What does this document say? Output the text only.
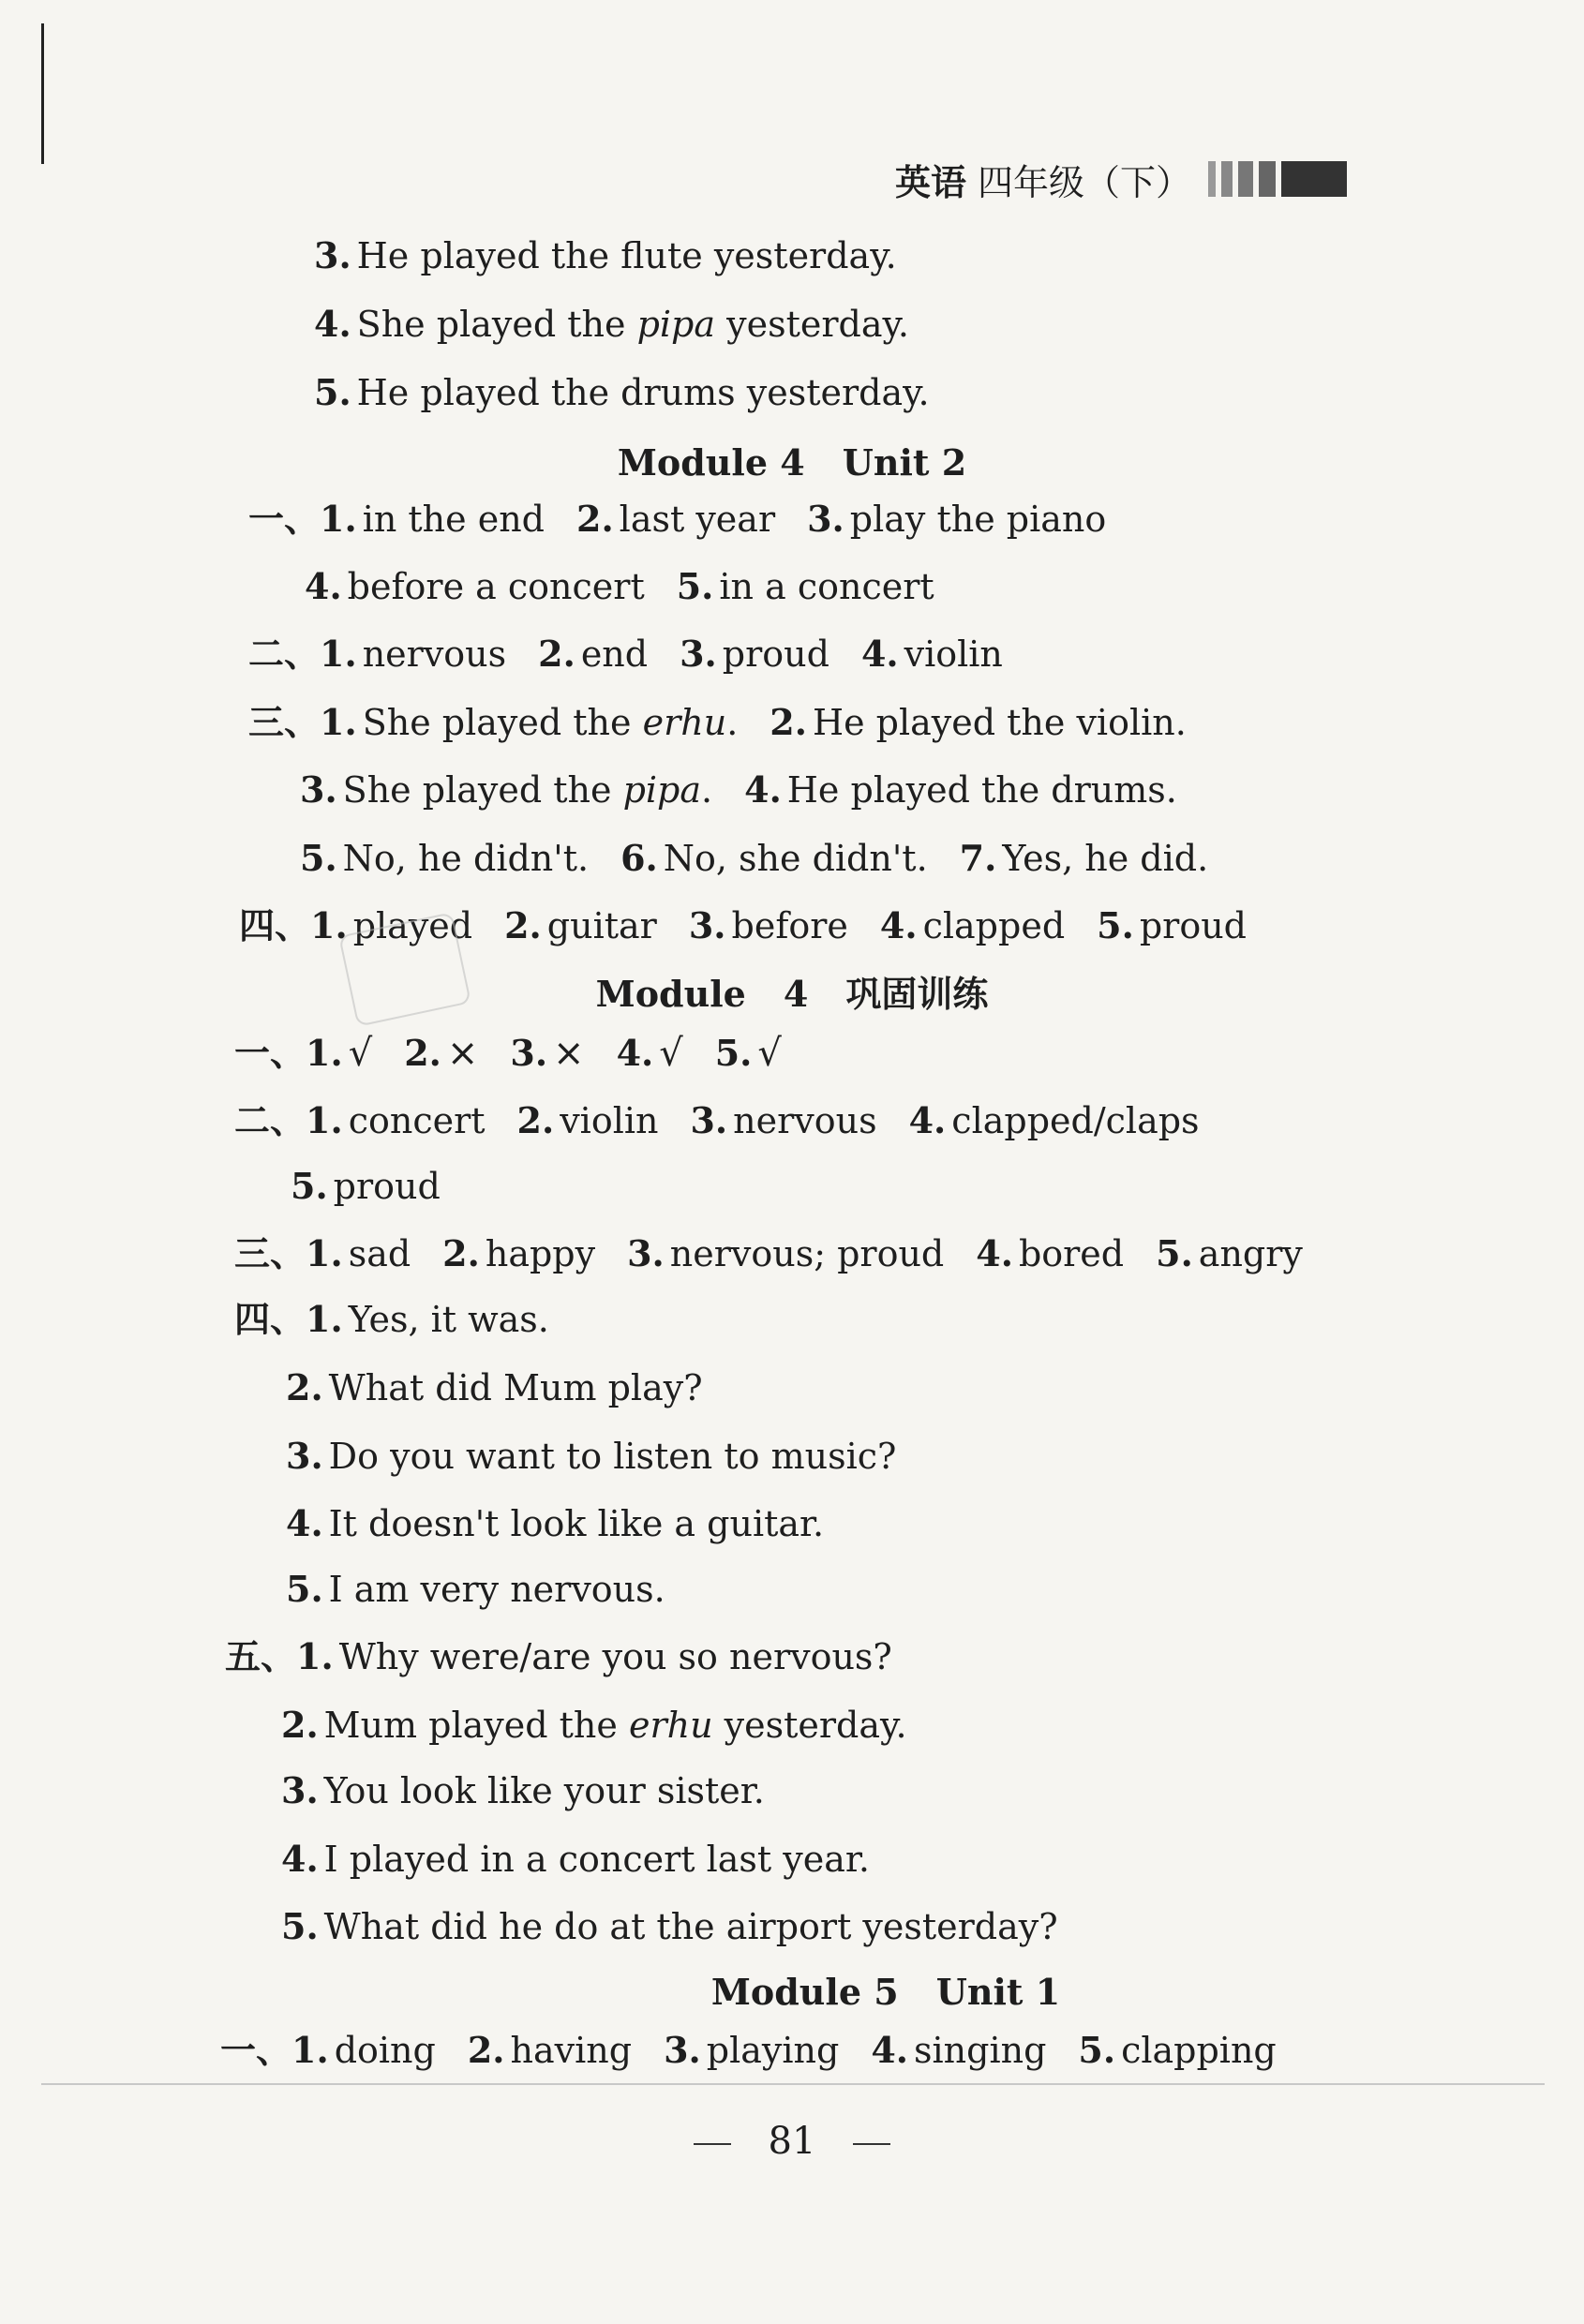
英语 四年级（下）
3. He played the flute yesterday.
4. She played the pipa yesterday.
5. He played the drums yesterday.
Module 4 Unit 2
一、1. in the end 2. last year 3. play the piano
4. before a concert 5. in a concert
二、1. nervous 2. end 3. proud 4. violin
三、1. She played the erhu. 2. He played the violin.
3. She played the pipa. 4. He played the drums.
5. No, he didn't. 6. No, she didn't. 7. Yes, he did.
四、1. played 2. guitar 3. before 4. clapped 5. proud
Module 4 巩固训练
一、1. √ 2. × 3. × 4. √ 5. √
二、1. concert 2. violin 3. nervous 4. clapped/claps
5. proud
三、1. sad 2. happy 3. nervous; proud 4. bored 5. angry
四、1. Yes, it was.
2. What did Mum play?
3. Do you want to listen to music?
4. It doesn't look like a guitar.
5. I am very nervous.
五、1. Why were/are you so nervous?
2. Mum played the erhu yesterday.
3. You look like your sister.
4. I played in a concert last year.
5. What did he do at the airport yesterday?
Module 5 Unit 1
一、1. doing 2. having 3. playing 4. singing 5. clapping
81
